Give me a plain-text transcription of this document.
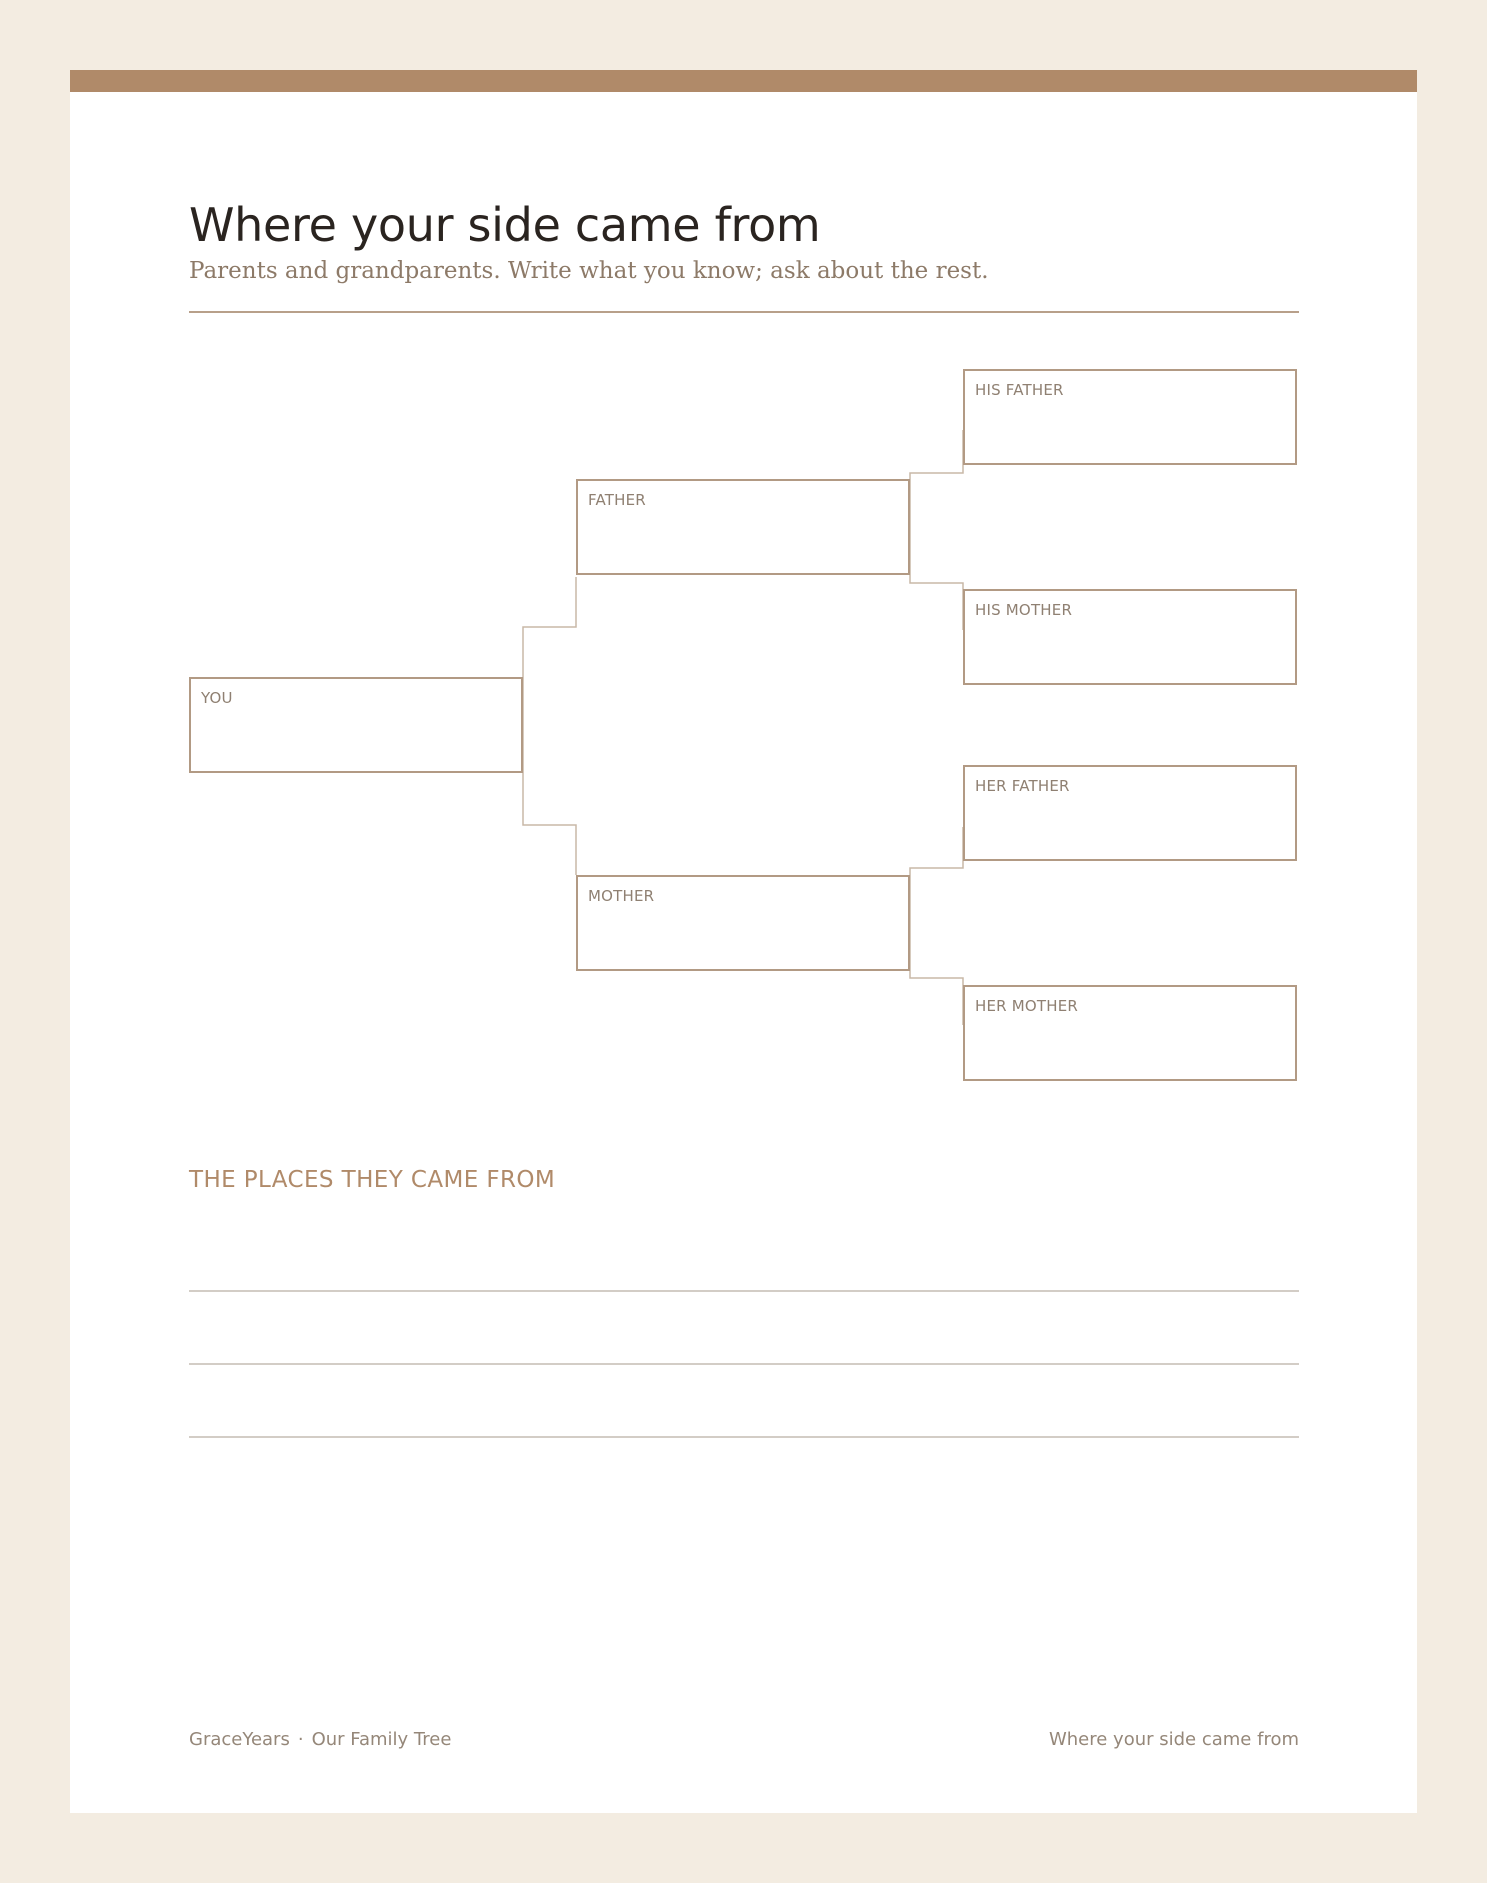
Where your side came from

Parents and grandparents. Write what you know; ask about the rest.

YOU
FATHER
MOTHER
HIS FATHER
HIS MOTHER
HER FATHER
HER MOTHER
THE PLACES THEY CAME FROM
GraceYears · Our Family Tree	Where your side came from
